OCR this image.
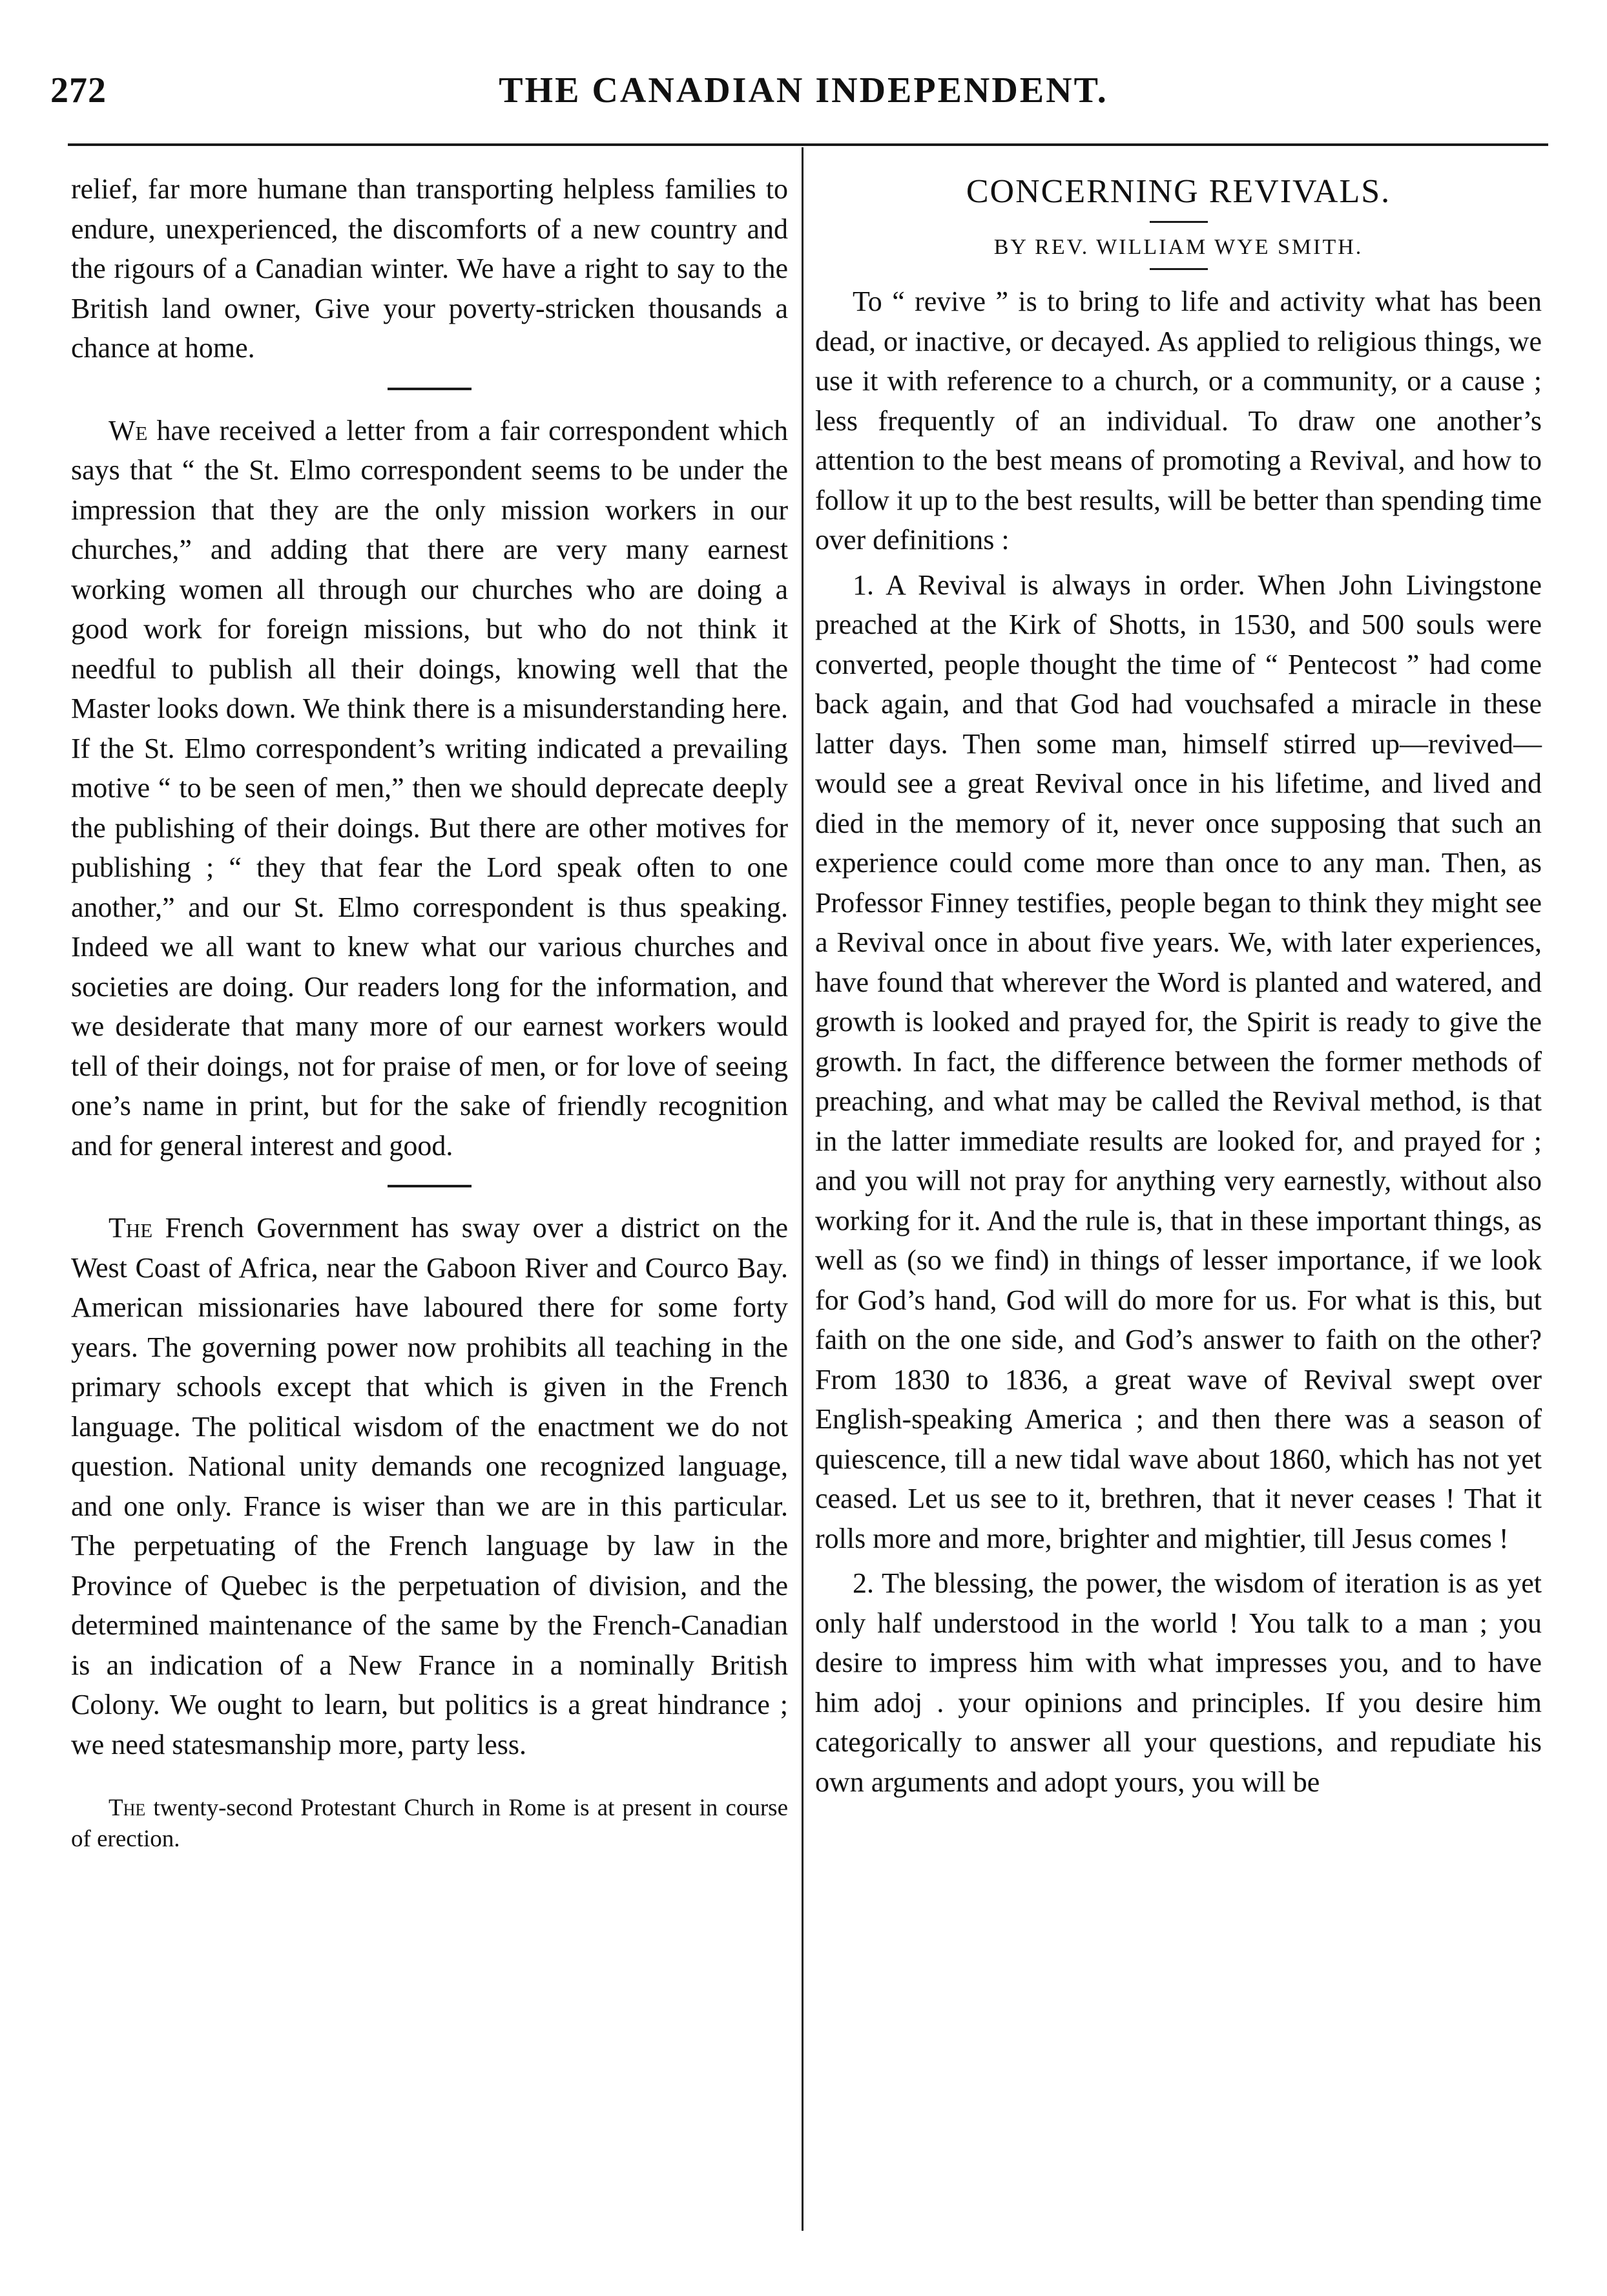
272	THE CANADIAN INDEPENDENT.

relief, far more humane than transporting helpless families to endure, unexperienced, the discomforts of a new country and the rigours of a Canadian winter. We have a right to say to the British land owner, Give your poverty-stricken thousands a chance at home.

We have received a letter from a fair correspondent which says that “ the St. Elmo correspondent seems to be under the impression that they are the only mission workers in our churches,” and adding that there are very many earnest working women all through our churches who are doing a good work for foreign missions, but who do not think it needful to publish all their doings, knowing well that the Master looks down. We think there is a misunderstanding here. If the St. Elmo correspondent’s writing indicated a prevailing motive “ to be seen of men,” then we should deprecate deeply the publishing of their doings. But there are other motives for publishing ; “ they that fear the Lord speak often to one another,” and our St. Elmo correspondent is thus speaking. Indeed we all want to knew what our various churches and societies are doing. Our readers long for the information, and we desiderate that many more of our earnest workers would tell of their doings, not for praise of men, or for love of seeing one’s name in print, but for the sake of friendly recognition and for general interest and good.

The French Government has sway over a district on the West Coast of Africa, near the Gaboon River and Courco Bay. American missionaries have laboured there for some forty years. The governing power now prohibits all teaching in the primary schools except that which is given in the French language. The political wisdom of the enactment we do not question. National unity demands one recognized language, and one only. France is wiser than we are in this particular. The perpetuating of the French language by law in the Province of Quebec is the perpetuation of division, and the determined maintenance of the same by the French-Canadian is an indication of a New France in a nominally British Colony. We ought to learn, but politics is a great hindrance ; we need statesmanship more, party less.

The twenty-second Protestant Church in Rome is at present in course of erection.

CONCERNING REVIVALS.

BY REV. WILLIAM WYE SMITH.

To “ revive ” is to bring to life and activity what has been dead, or inactive, or decayed. As applied to religious things, we use it with reference to a church, or a community, or a cause ; less frequently of an individual. To draw one another’s attention to the best means of promoting a Revival, and how to follow it up to the best results, will be better than spending time over definitions :

1. A Revival is always in order. When John Livingstone preached at the Kirk of Shotts, in 1530, and 500 souls were converted, people thought the time of “ Pentecost ” had come back again, and that God had vouchsafed a miracle in these latter days. Then some man, himself stirred up—revived—would see a great Revival once in his lifetime, and lived and died in the memory of it, never once supposing that such an experience could come more than once to any man. Then, as Professor Finney testifies, people began to think they might see a Revival once in about five years. We, with later experiences, have found that wherever the Word is planted and watered, and growth is looked and prayed for, the Spirit is ready to give the growth. In fact, the difference between the former methods of preaching, and what may be called the Revival method, is that in the latter immediate results are looked for, and prayed for ; and you will not pray for anything very earnestly, without also working for it. And the rule is, that in these important things, as well as (so we find) in things of lesser importance, if we look for God’s hand, God will do more for us. For what is this, but faith on the one side, and God’s answer to faith on the other? From 1830 to 1836, a great wave of Revival swept over English-speaking America ; and then there was a season of quiescence, till a new tidal wave about 1860, which has not yet ceased. Let us see to it, brethren, that it never ceases ! That it rolls more and more, brighter and mightier, till Jesus comes !

2. The blessing, the power, the wisdom of iteration is as yet only half understood in the world ! You talk to a man ; you desire to impress him with what impresses you, and to have him adoj . your opinions and principles. If you desire him categorically to answer all your questions, and repudiate his own arguments and adopt yours, you will be
